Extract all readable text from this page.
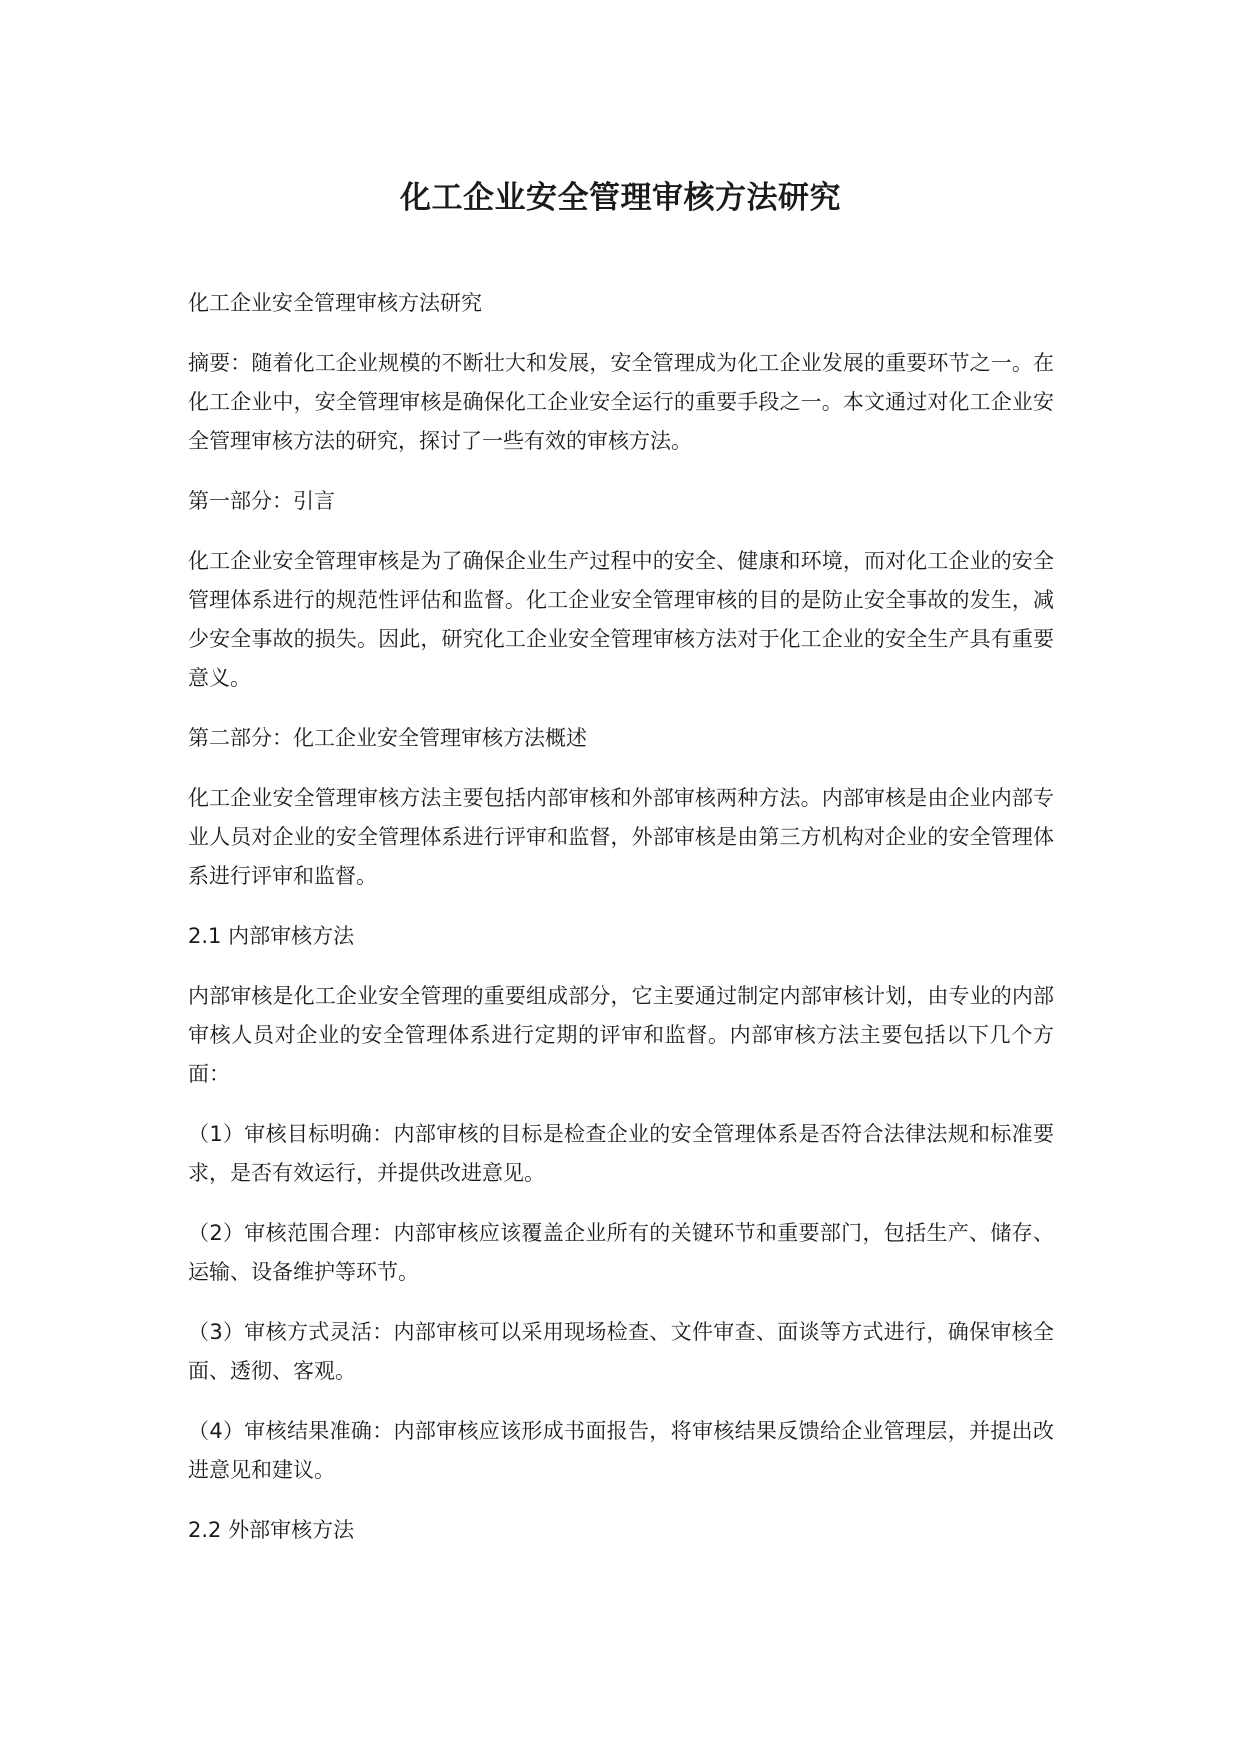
化工企业安全管理审核方法研究

化工企业安全管理审核方法研究

摘要：随着化工企业规模的不断壮大和发展，安全管理成为化工企业发展的重要环节之一。在化工企业中，安全管理审核是确保化工企业安全运行的重要手段之一。本文通过对化工企业安全管理审核方法的研究，探讨了一些有效的审核方法。

第一部分：引言

化工企业安全管理审核是为了确保企业生产过程中的安全、健康和环境，而对化工企业的安全管理体系进行的规范性评估和监督。化工企业安全管理审核的目的是防止安全事故的发生，减少安全事故的损失。因此，研究化工企业安全管理审核方法对于化工企业的安全生产具有重要意义。

第二部分：化工企业安全管理审核方法概述

化工企业安全管理审核方法主要包括内部审核和外部审核两种方法。内部审核是由企业内部专业人员对企业的安全管理体系进行评审和监督，外部审核是由第三方机构对企业的安全管理体系进行评审和监督。

2.1 内部审核方法

内部审核是化工企业安全管理的重要组成部分，它主要通过制定内部审核计划，由专业的内部审核人员对企业的安全管理体系进行定期的评审和监督。内部审核方法主要包括以下几个方面：

（1）审核目标明确：内部审核的目标是检查企业的安全管理体系是否符合法律法规和标准要求，是否有效运行，并提供改进意见。

（2）审核范围合理：内部审核应该覆盖企业所有的关键环节和重要部门，包括生产、储存、运输、设备维护等环节。

（3）审核方式灵活：内部审核可以采用现场检查、文件审查、面谈等方式进行，确保审核全面、透彻、客观。

（4）审核结果准确：内部审核应该形成书面报告，将审核结果反馈给企业管理层，并提出改进意见和建议。

2.2 外部审核方法
